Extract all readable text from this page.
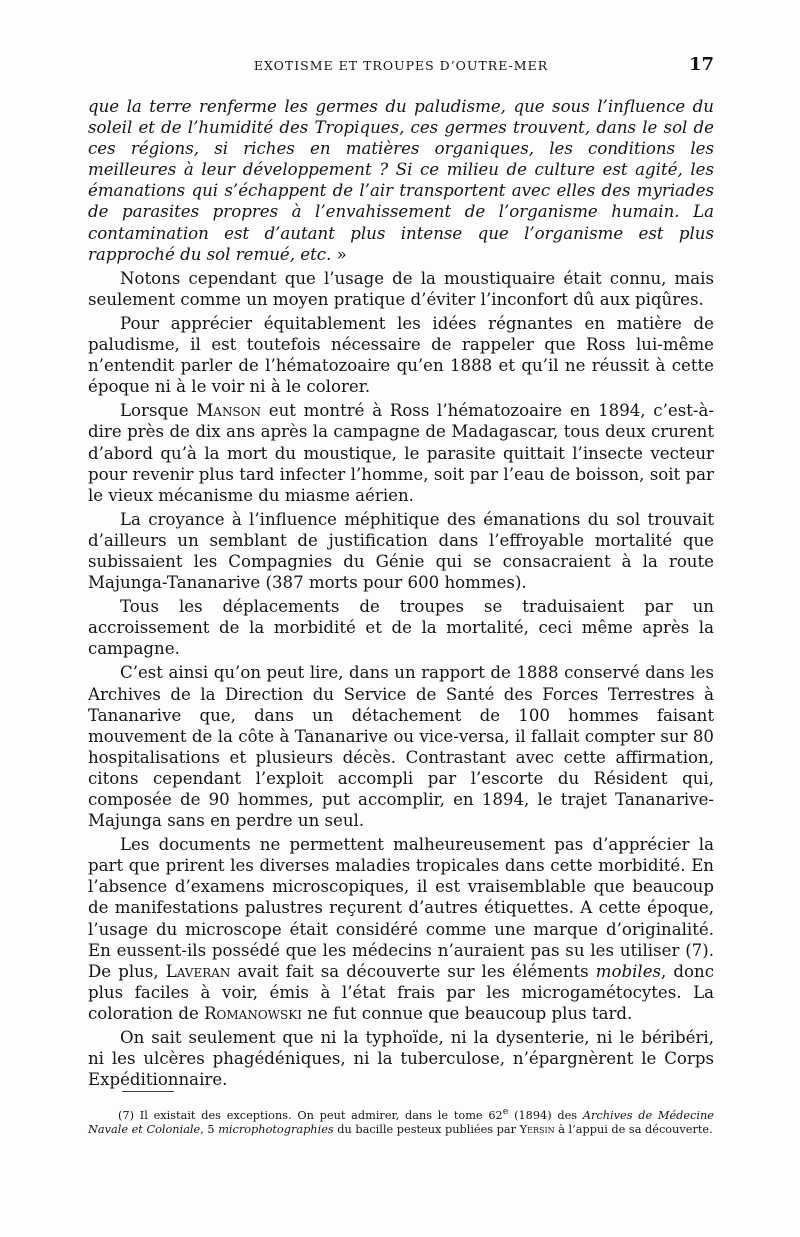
EXOTISME ET TROUPES D’OUTRE-MER	17

que la terre renferme les germes du paludisme, que sous l’influence du soleil et de l’humidité des Tropiques, ces germes trouvent, dans le sol de ces régions, si riches en matières organiques, les conditions les meilleures à leur développement ? Si ce milieu de culture est agité, les émanations qui s’échappent de l’air transportent avec elles des myriades de parasites propres à l’envahissement de l’organisme humain. La contamination est d’autant plus intense que l’organisme est plus rapproché du sol remué, etc. »

Notons cependant que l’usage de la moustiquaire était connu, mais seulement comme un moyen pratique d’éviter l’inconfort dû aux piqûres.

Pour apprécier équitablement les idées régnantes en matière de paludisme, il est toutefois nécessaire de rappeler que Ross lui-même n’entendit parler de l’hématozoaire qu’en 1888 et qu’il ne réussit à cette époque ni à le voir ni à le colorer.

Lorsque Manson eut montré à Ross l’hématozoaire en 1894, c’est-à-dire près de dix ans après la campagne de Madagascar, tous deux crurent d’abord qu’à la mort du moustique, le parasite quittait l’insecte vecteur pour revenir plus tard infecter l’homme, soit par l’eau de boisson, soit par le vieux mécanisme du miasme aérien.

La croyance à l’influence méphitique des émanations du sol trouvait d’ailleurs un semblant de justification dans l’effroyable mortalité que subissaient les Compagnies du Génie qui se consacraient à la route Majunga-Tananarive (387 morts pour 600 hommes).

Tous les déplacements de troupes se traduisaient par un accroissement de la morbidité et de la mortalité, ceci même après la campagne.

C’est ainsi qu’on peut lire, dans un rapport de 1888 conservé dans les Archives de la Direction du Service de Santé des Forces Terrestres à Tananarive que, dans un détachement de 100 hommes faisant mouvement de la côte à Tananarive ou vice-versa, il fallait compter sur 80 hospitalisations et plusieurs décès. Contrastant avec cette affirmation, citons cependant l’exploit accompli par l’escorte du Résident qui, composée de 90 hommes, put accomplir, en 1894, le trajet Tananarive-Majunga sans en perdre un seul.

Les documents ne permettent malheureusement pas d’apprécier la part que prirent les diverses maladies tropicales dans cette morbidité. En l’absence d’examens microscopiques, il est vraisemblable que beaucoup de manifestations palustres reçurent d’autres étiquettes. A cette époque, l’usage du microscope était considéré comme une marque d’originalité. En eussent-ils possédé que les médecins n’auraient pas su les utiliser (7). De plus, Laveran avait fait sa découverte sur les éléments mobiles, donc plus faciles à voir, émis à l’état frais par les microgamétocytes. La coloration de Romanowski ne fut connue que beaucoup plus tard.

On sait seulement que ni la typhoïde, ni la dysenterie, ni le béribéri, ni les ulcères phagédéniques, ni la tuberculose, n’épargnèrent le Corps Expéditionnaire.

(7) Il existait des exceptions. On peut admirer, dans le tome 62e (1894) des Archives de Médecine Navale et Coloniale, 5 microphotographies du bacille pesteux publiées par Yersin à l’appui de sa découverte.
